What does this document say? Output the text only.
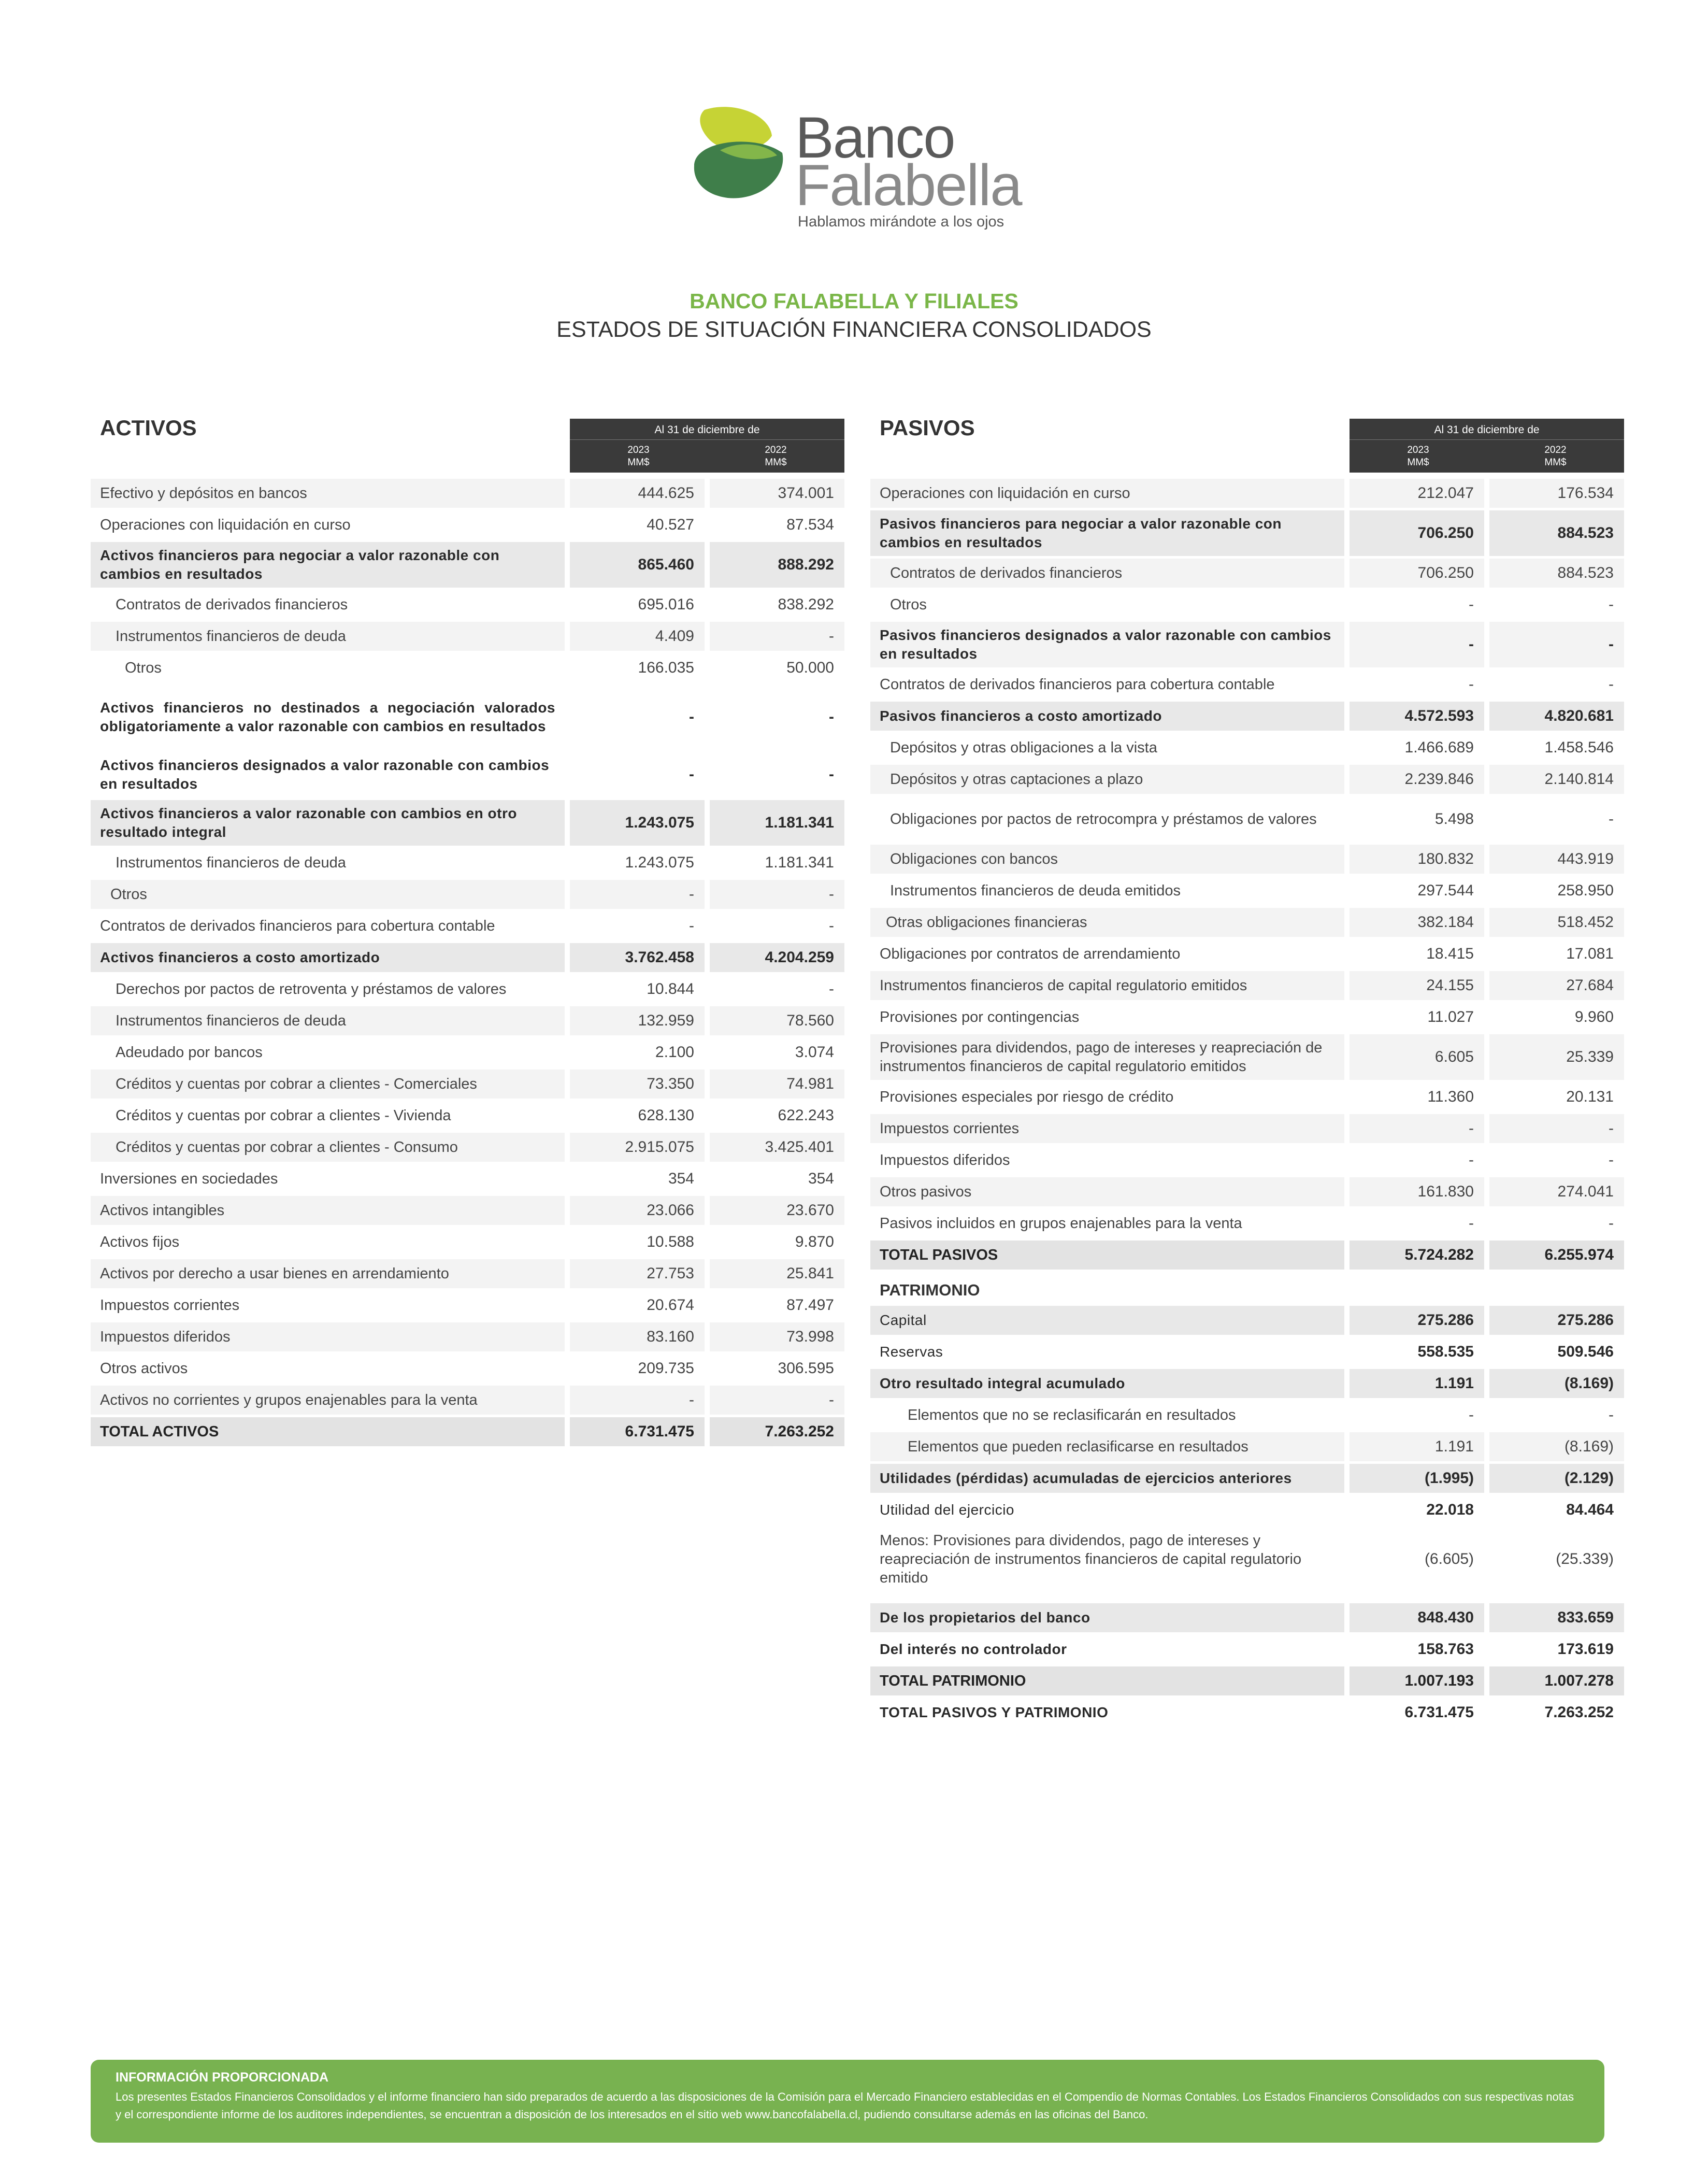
Banco
Falabella
Hablamos mirándote a los ojos
BANCO FALABELLA Y FILIALES
ESTADOS DE SITUACIÓN FINANCIERA CONSOLIDADOS
ACTIVOS	Al 31 de diciembre de
2023
MM$
2022
MM$
Efectivo y depósitos en bancos	444.625	374.001
Operaciones con liquidación en curso	40.527	87.534
Activos financieros para negociar a valor razonable con cambios en resultados
865.460	888.292
Contratos de derivados financieros	695.016	838.292
Instrumentos financieros de deuda	4.409	-
Otros	166.035	50.000
Activos financieros no destinados a negociación valorados obligatoriamente a valor razonable con cambios en resultados
-	-
Activos financieros designados a valor razonable con cambios en resultados
-	-
Activos financieros a valor razonable con cambios en otro resultado integral
1.243.075	1.181.341
Instrumentos financieros de deuda	1.243.075	1.181.341
Otros	-	-
Contratos de derivados financieros para cobertura contable	-	-
Activos financieros a costo amortizado	3.762.458	4.204.259
Derechos por pactos de retroventa y préstamos de valores	10.844	-
Instrumentos financieros de deuda	132.959	78.560
Adeudado por bancos	2.100	3.074
Créditos y cuentas por cobrar a clientes - Comerciales	73.350	74.981
Créditos y cuentas por cobrar a clientes - Vivienda	628.130	622.243
Créditos y cuentas por cobrar a clientes - Consumo	2.915.075	3.425.401
Inversiones en sociedades	354	354
Activos intangibles	23.066	23.670
Activos fijos	10.588	9.870
Activos por derecho a usar bienes en arrendamiento	27.753	25.841
Impuestos corrientes	20.674	87.497
Impuestos diferidos	83.160	73.998
Otros activos	209.735	306.595
Activos no corrientes y grupos enajenables para la venta	-	-
TOTAL ACTIVOS	6.731.475	7.263.252
PASIVOS	Al 31 de diciembre de
2023
MM$
2022
MM$
Operaciones con liquidación en curso	212.047	176.534
Pasivos financieros para negociar a valor razonable con cambios en resultados
706.250	884.523
Contratos de derivados financieros	706.250	884.523
Otros	-	-
Pasivos financieros designados a valor razonable con cambios en resultados
-	-
Contratos de derivados financieros para cobertura contable	-	-
Pasivos financieros a costo amortizado	4.572.593	4.820.681
Depósitos y otras obligaciones a la vista	1.466.689	1.458.546
Depósitos y otras captaciones a plazo	2.239.846	2.140.814
Obligaciones por pactos de retrocompra y préstamos de valores	5.498	-
Obligaciones con bancos	180.832	443.919
Instrumentos financieros de deuda emitidos	297.544	258.950
Otras obligaciones financieras	382.184	518.452
Obligaciones por contratos de arrendamiento	18.415	17.081
Instrumentos financieros de capital regulatorio emitidos	24.155	27.684
Provisiones por contingencias	11.027	9.960
Provisiones para dividendos, pago de intereses y reapreciación de instrumentos financieros de capital regulatorio emitidos
6.605	25.339
Provisiones especiales por riesgo de crédito	11.360	20.131
Impuestos corrientes	-	-
Impuestos diferidos	-	-
Otros pasivos	161.830	274.041
Pasivos incluidos en grupos enajenables para la venta	-	-
TOTAL PASIVOS	5.724.282	6.255.974
PATRIMONIO
Capital	275.286	275.286
Reservas	558.535	509.546
Otro resultado integral acumulado	1.191	(8.169)
Elementos que no se reclasificarán en resultados	-	-
Elementos que pueden reclasificarse en resultados	1.191	(8.169)
Utilidades (pérdidas) acumuladas de ejercicios anteriores	(1.995)	(2.129)
Utilidad del ejercicio	22.018	84.464
Menos: Provisiones para dividendos, pago de intereses y reapreciación de instrumentos financieros de capital regulatorio emitido
(6.605)	(25.339)
De los propietarios del banco	848.430	833.659
Del interés no controlador	158.763	173.619
TOTAL PATRIMONIO	1.007.193	1.007.278
TOTAL PASIVOS Y PATRIMONIO	6.731.475	7.263.252
INFORMACIÓN PROPORCIONADA
Los presentes Estados Financieros Consolidados y el informe financiero han sido preparados de acuerdo a las disposiciones de la Comisión para el Mercado Financiero establecidas en el Compendio de Normas Contables. Los Estados Financieros Consolidados con sus respectivas notas y el correspondiente informe de los auditores independientes, se encuentran a disposición de los interesados en el sitio web www.bancofalabella.cl, pudiendo consultarse además en las oficinas del Banco.
